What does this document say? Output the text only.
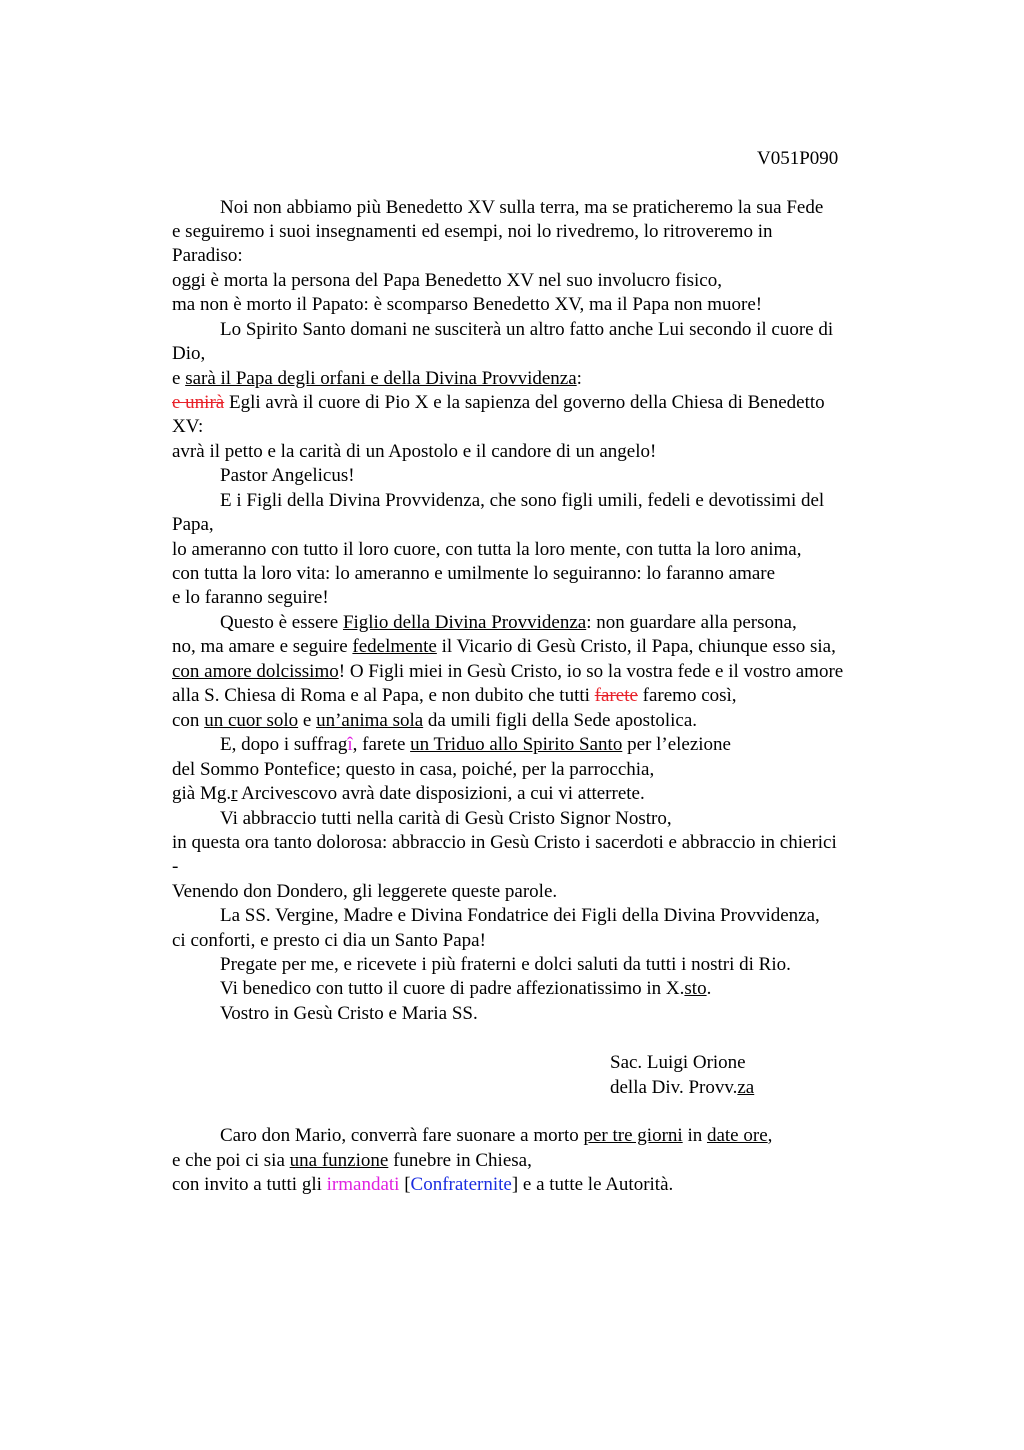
V051P090
Noi non abbiamo più Benedetto XV sulla terra, ma se praticheremo la sua Fede
e seguiremo i suoi insegnamenti ed esempi, noi lo rivedremo, lo ritroveremo in
Paradiso:
oggi è morta la persona del Papa Benedetto XV nel suo involucro fisico,
ma non è morto il Papato: è scomparso Benedetto XV, ma il Papa non muore!
Lo Spirito Santo domani ne susciterà un altro fatto anche Lui secondo il cuore di
Dio,
e sarà il Papa degli orfani e della Divina Provvidenza:
e unirà Egli avrà il cuore di Pio X e la sapienza del governo della Chiesa di Benedetto
XV:
avrà il petto e la carità di un Apostolo e il candore di un angelo!
Pastor Angelicus!
E i Figli della Divina Provvidenza, che sono figli umili, fedeli e devotissimi del
Papa,
lo ameranno con tutto il loro cuore, con tutta la loro mente, con tutta la loro anima,
con tutta la loro vita: lo ameranno e umilmente lo seguiranno: lo faranno amare
e lo faranno seguire!
Questo è essere Figlio della Divina Provvidenza: non guardare alla persona,
no, ma amare e seguire fedelmente il Vicario di Gesù Cristo, il Papa, chiunque esso sia,
con amore dolcissimo! O Figli miei in Gesù Cristo, io so la vostra fede e il vostro amore
alla S. Chiesa di Roma e al Papa, e non dubito che tutti farete faremo così,
con un cuor solo e un’anima sola da umili figli della Sede apostolica.
E, dopo i suffragî, farete un Triduo allo Spirito Santo per l’elezione
del Sommo Pontefice; questo in casa, poiché, per la parrocchia,
già Mg.r Arcivescovo avrà date disposizioni, a cui vi atterrete.
Vi abbraccio tutti nella carità di Gesù Cristo Signor Nostro,
in questa ora tanto dolorosa: abbraccio in Gesù Cristo i sacerdoti e abbraccio in chierici
-
Venendo don Dondero, gli leggerete queste parole.
La SS. Vergine, Madre e Divina Fondatrice dei Figli della Divina Provvidenza,
ci conforti, e presto ci dia un Santo Papa!
Pregate per me, e ricevete i più fraterni e dolci saluti da tutti i nostri di Rio.
Vi benedico con tutto il cuore di padre affezionatissimo in X.sto.
Vostro in Gesù Cristo e Maria SS.
Sac. Luigi Orione
della Div. Provv.za
Caro don Mario, converrà fare suonare a morto per tre giorni in date ore,
e che poi ci sia una funzione funebre in Chiesa,
con invito a tutti gli irmandati [Confraternite] e a tutte le Autorità.
